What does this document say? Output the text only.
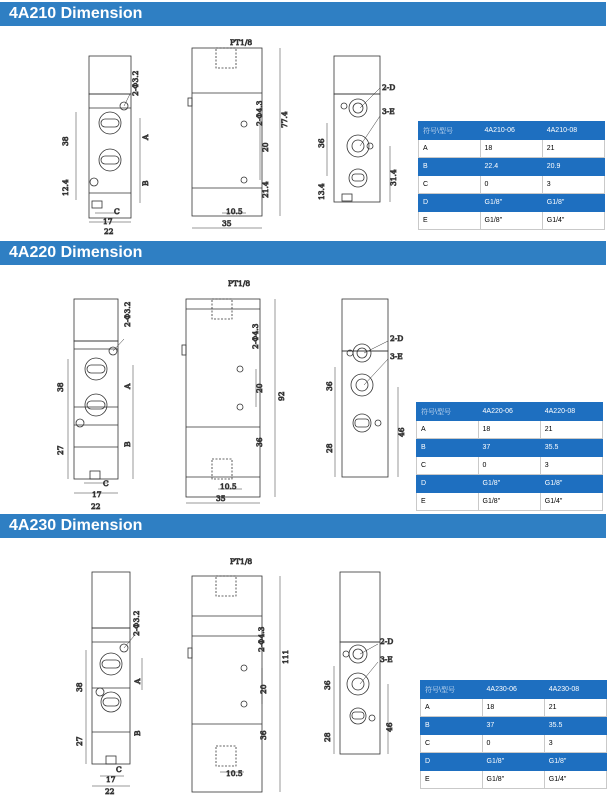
4A210 Dimension
38
12.4
17
22
C
A
B
2-Φ3.2
PT1/8
2-Φ4.3 77.4
20
21.4
10.5
35
2-D
3-E
36
13.4
31.4
符号\型号	4A210-06	4A210-08
A	18	21
B	22.4	20.9
C	0	3
D	G1/8"	G1/8"
E	G1/8"	G1/4"
4A220 Dimension
38
27
17
22
C
A
B
2-Φ3.2
PT1/8
2-Φ4.3
92
20
36
10.5
35
2-D
3-E
36
28
46
符号\型号	4A220-06	4A220-08
A	18	21
B	37	35.5
C	0	3
D	G1/8"	G1/8"
E	G1/8"	G1/4"
4A230 Dimension
38
27
17
22
C
A
B
2-Φ3.2
PT1/8
2-Φ4.3
111
20
36
10.5
2-D
3-E
36
28
46
符号\型号	4A230-06	4A230-08
A	18	21
B	37	35.5
C	0	3
D	G1/8"	G1/8"
E	G1/8"	G1/4"
